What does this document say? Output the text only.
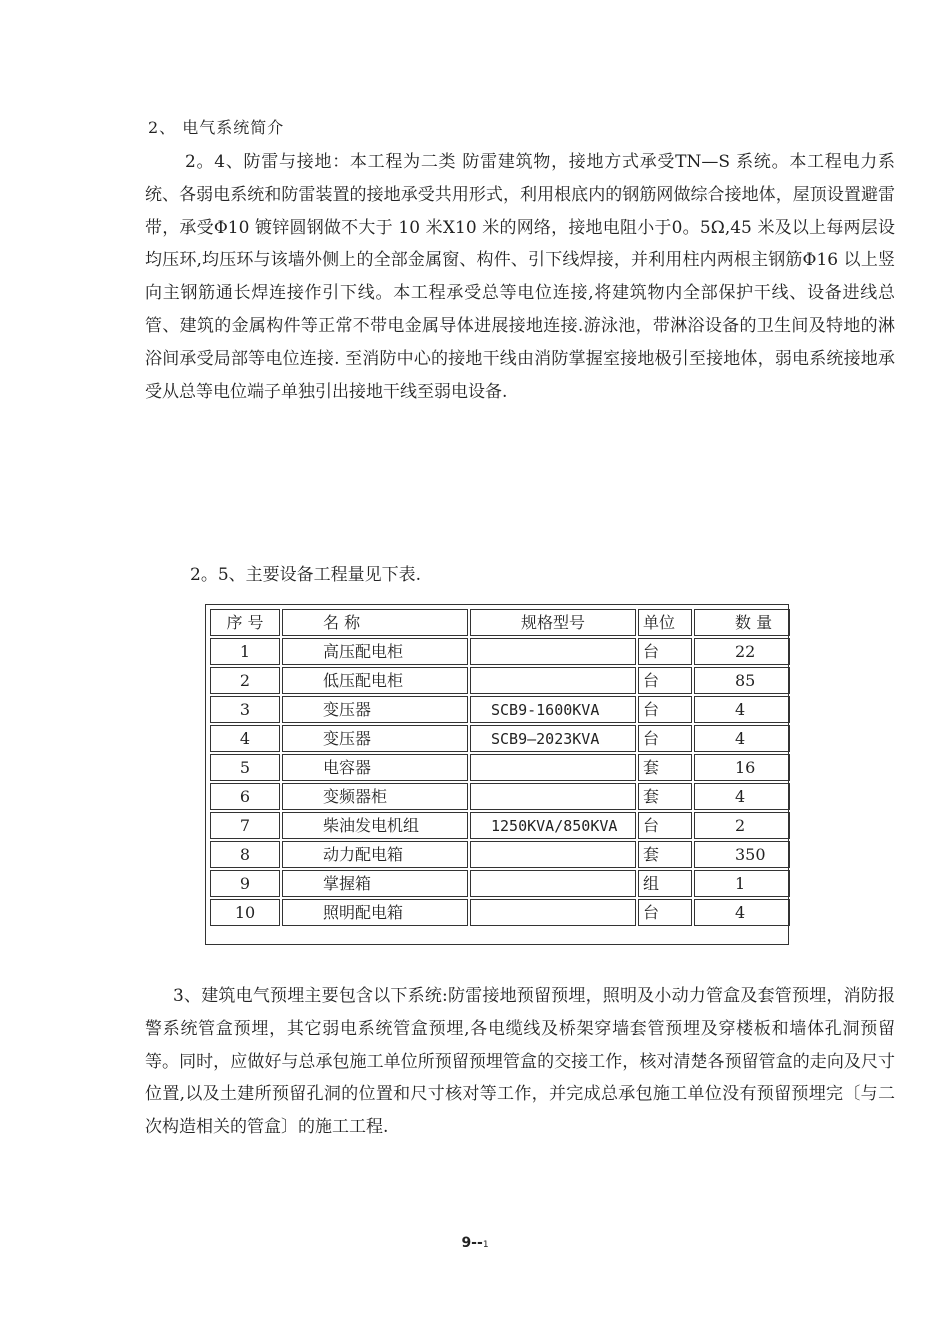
2、 电气系统简介
2。4、防雷与接地：本工程为二类 防雷建筑物，接地方式承受TN—S 系统。本工程电力系统、各弱电系统和防雷装置的接地承受共用形式，利用根底内的钢筋网做综合接地体，屋顶设置避雷带，承受Φ10 镀锌圆钢做不大于 10 米X10 米的网络，接地电阻小于0。5Ω,45 米及以上每两层设均压环,均压环与该墙外侧上的全部金属窗、构件、引下线焊接，并利用柱内两根主钢筋Φ16 以上竖向主钢筋通长焊连接作引下线。本工程承受总等电位连接,将建筑物内全部保护干线、设备进线总管、建筑的金属构件等正常不带电金属导体进展接地连接.游泳池，带淋浴设备的卫生间及特地的淋浴间承受局部等电位连接. 至消防中心的接地干线由消防掌握室接地极引至接地体，弱电系统接地承受从总等电位端子单独引出接地干线至弱电设备.
2。5、主要设备工程量见下表.
序 号	名 称	规格型号	单位	数 量
1	高压配电柜		台	22
2	低压配电柜		台	85
3	变压器	SCB9-1600KVA	台	4
4	变压器	SCB9—2023KVA	台	4
5	电容器		套	16
6	变频器柜		套	4
7	柴油发电机组	1250KVA/850KVA	台	2
8	动力配电箱		套	350
9	掌握箱		组	1
10	照明配电箱		台	4
3、建筑电气预埋主要包含以下系统:防雷接地预留预埋，照明及小动力管盒及套管预埋，消防报警系统管盒预埋，其它弱电系统管盒预埋,各电缆线及桥架穿墙套管预埋及穿楼板和墙体孔洞预留等。同时，应做好与总承包施工单位所预留预埋管盒的交接工作，核对清楚各预留管盒的走向及尺寸位置,以及土建所预留孔洞的位置和尺寸核对等工作，并完成总承包施工单位没有预留预埋完〔与二次构造相关的管盒〕的施工工程.
9--1
